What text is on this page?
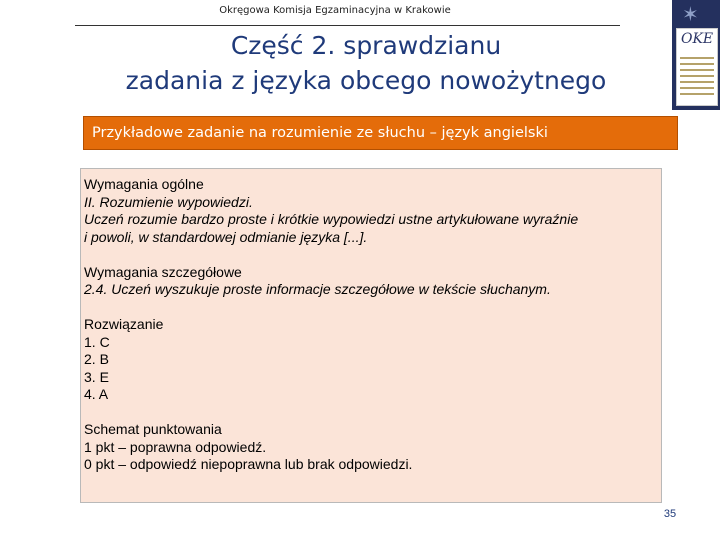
Okręgowa Komisja Egzaminacyjna w Krakowie	✶
OKE
Część 2. sprawdzianu
zadania z języka obcego nowożytnego
Przykładowe zadanie na rozumienie ze słuchu – język angielski
Wymagania ogólne
II. Rozumienie wypowiedzi.
Uczeń rozumie bardzo proste i krótkie wypowiedzi ustne artykułowane wyraźnie
i powoli, w standardowej odmianie języka [...].
Wymagania szczegółowe
2.4. Uczeń wyszukuje proste informacje szczegółowe w tekście słuchanym.
Rozwiązanie
1. C
2. B
3. E
4. A
Schemat punktowania
1 pkt – poprawna odpowiedź.
0 pkt – odpowiedź niepoprawna lub brak odpowiedzi.
35
